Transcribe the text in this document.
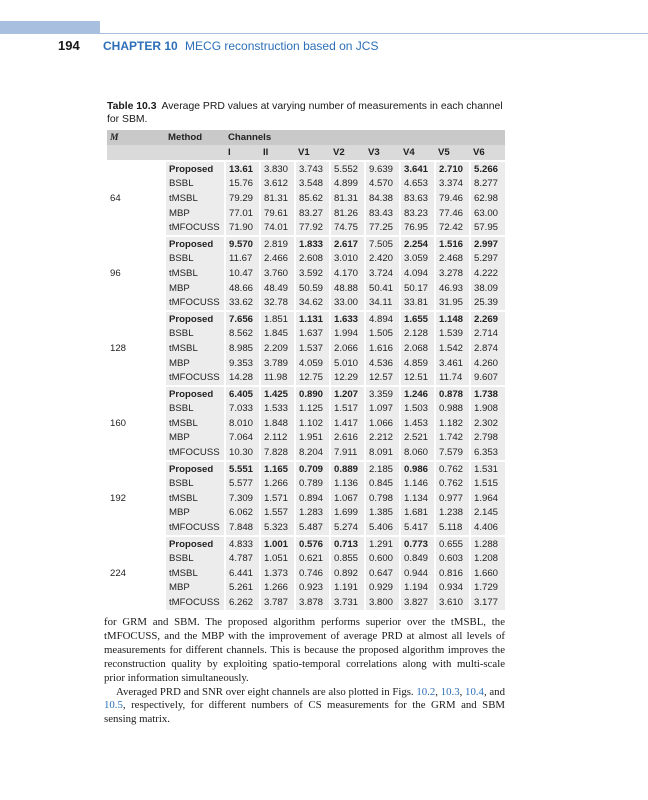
194 CHAPTER 10 MECG reconstruction based on JCS
Table 10.3 Average PRD values at varying number of measurements in each channel for SBM.
M	Method	Channels							
		I	II	V1	V2	V3	V4	V5	V6
64	Proposed	13.61	3.830	3.743	5.552	9.639	3.641	2.710	5.266
	BSBL	15.76	3.612	3.548	4.899	4.570	4.653	3.374	8.277
	tMSBL	79.29	81.31	85.62	81.31	84.38	83.63	79.46	62.98
	MBP	77.01	79.61	83.27	81.26	83.43	83.23	77.46	63.00
	tMFOCUSS	71.90	74.01	77.92	74.75	77.25	76.95	72.42	57.95
96	Proposed	9.570	2.819	1.833	2.617	7.505	2.254	1.516	2.997
	BSBL	11.67	2.466	2.608	3.010	2.420	3.059	2.468	5.297
	tMSBL	10.47	3.760	3.592	4.170	3.724	4.094	3.278	4.222
	MBP	48.66	48.49	50.59	48.88	50.41	50.17	46.93	38.09
	tMFOCUSS	33.62	32.78	34.62	33.00	34.11	33.81	31.95	25.39
128	Proposed	7.656	1.851	1.131	1.633	4.894	1.655	1.148	2.269
	BSBL	8.562	1.845	1.637	1.994	1.505	2.128	1.539	2.714
	tMSBL	8.985	2.209	1.537	2.066	1.616	2.068	1.542	2.874
	MBP	9.353	3.789	4.059	5.010	4.536	4.859	3.461	4.260
	tMFOCUSS	14.28	11.98	12.75	12.29	12.57	12.51	11.74	9.607
160	Proposed	6.405	1.425	0.890	1.207	3.359	1.246	0.878	1.738
	BSBL	7.033	1.533	1.125	1.517	1.097	1.503	0.988	1.908
	tMSBL	8.010	1.848	1.102	1.417	1.066	1.453	1.182	2.302
	MBP	7.064	2.112	1.951	2.616	2.212	2.521	1.742	2.798
	tMFOCUSS	10.30	7.828	8.204	7.911	8.091	8.060	7.579	6.353
192	Proposed	5.551	1.165	0.709	0.889	2.185	0.986	0.762	1.531
	BSBL	5.577	1.266	0.789	1.136	0.845	1.146	0.762	1.515
	tMSBL	7.309	1.571	0.894	1.067	0.798	1.134	0.977	1.964
	MBP	6.062	1.557	1.283	1.699	1.385	1.681	1.238	2.145
	tMFOCUSS	7.848	5.323	5.487	5.274	5.406	5.417	5.118	4.406
224	Proposed	4.833	1.001	0.576	0.713	1.291	0.773	0.655	1.288
	BSBL	4.787	1.051	0.621	0.855	0.600	0.849	0.603	1.208
	tMSBL	6.441	1.373	0.746	0.892	0.647	0.944	0.816	1.660
	MBP	5.261	1.266	0.923	1.191	0.929	1.194	0.934	1.729
	tMFOCUSS	6.262	3.787	3.878	3.731	3.800	3.827	3.610	3.177

for GRM and SBM. The proposed algorithm performs superior over the tMSBL, the tMFOCUSS, and the MBP with the improvement of average PRD at almost all levels of measurements for different channels. This is because the proposed algorithm improves the reconstruction quality by exploiting spatio-temporal correlations along with multi-scale prior information simultaneously.

Averaged PRD and SNR over eight channels are also plotted in Figs. 10.2, 10.3, 10.4, and 10.5, respectively, for different numbers of CS measurements for the GRM and SBM sensing matrix.
